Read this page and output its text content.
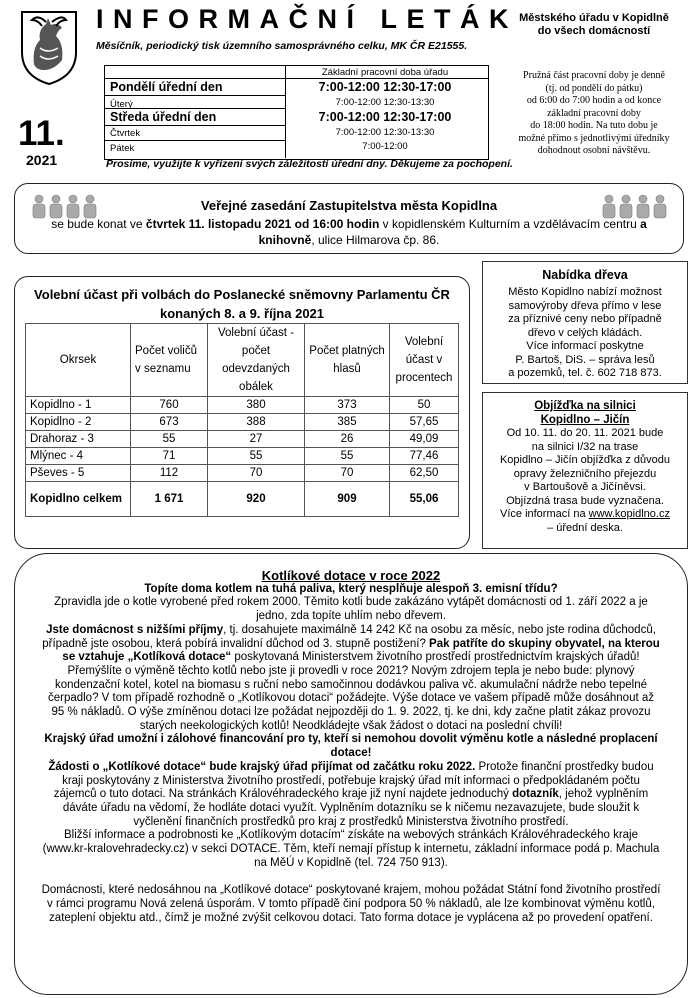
INFORMAČNÍ LETÁK
Měsíčník, periodický tisk územního samosprávného celku, MK ČR E21555.
Městského úřadu v Kopidlně
do všech domácností
11.
2021
Základní pracovní doba úřadu
Pondělí úřední den	7:00-12:00 12:30-17:00
Úterý	7:00-12:00 12:30-13:30
Středa úřední den	7:00-12:00 12:30-17:00
Čtvrtek	7:00-12:00 12:30-13:30
Pátek	7:00-12:00
Pružná část pracovní doby je denně
(tj. od pondělí do pátku)
od 6:00 do 7:00 hodin a od konce
základní pracovní doby
do 18:00 hodin. Na tuto dobu je
možné přímo s jednotlivými úředníky
dohodnout osobní návštěvu.
Prosíme, využijte k vyřízení svých záležitostí úřední dny. Děkujeme za pochopení.
Veřejné zasedání Zastupitelstva města Kopidlna
se bude konat ve čtvrtek 11. listopadu 2021 od 16:00 hodin v kopidlenském Kulturním a vzdělávacím centru a knihovně, ulice Hilmarova čp. 86.
Volební účast při volbách do Poslanecké sněmovny Parlamentu ČR
konaných 8. a 9. října 2021
Okrsek	Počet voličů v seznamu	Volební účast - počet odevzdaných obálek	Počet platných hlasů	Volební účast v procentech
Kopidlno - 1	760	380	373	50
Kopidlno - 2	673	388	385	57,65
Drahoraz - 3	55	27	26	49,09
Mlýnec - 4	71	55	55	77,46
Pševes - 5	112	70	70	62,50
Kopidlno celkem	1 671	920	909	55,06
Nabídka dřeva
Město Kopidlno nabízí možnost
samovýroby dřeva přímo v lese
za příznivé ceny nebo případně
dřevo v celých kládách.
Více informací poskytne
P. Bartoš, DiS. – správa lesů
a pozemků, tel. č. 602 718 873.
Objížďka na silnici
Kopidlno – Jičín
Od 10. 11. do 20. 11. 2021 bude
na silnici I/32 na trase
Kopidlno – Jičín objížďka z důvodu
opravy železničního přejezdu
v Bartoušově a Jičíněvsi.
Objízdná trasa bude vyznačena.
Více informací na www.kopidlno.cz
– úřední deska.

Kotlíkové dotace v roce 2022

Topíte doma kotlem na tuhá paliva, který nesplňuje alespoň 3. emisní třídu?

Zpravidla jde o kotle vyrobené před rokem 2000. Těmito kotli bude zakázáno vytápět domácnosti od 1. září 2022 a je jedno, zda topíte uhlím nebo dřevem.

Jste domácnost s nižšími příjmy, tj. dosahujete maximálně 14 242 Kč na osobu za měsíc, nebo jste rodina důchodců, případně jste osobou, která pobírá invalidní důchod od 3. stupně postižení? Pak patříte do skupiny obyvatel, na kterou se vztahuje „Kotlíková dotace“ poskytovaná Ministerstvem životního prostředí prostřednictvím krajských úřadů!

Přemýšlíte o výměně těchto kotlů nebo jste ji provedli v roce 2021? Novým zdrojem tepla je nebo bude: plynový kondenzační kotel, kotel na biomasu s ruční nebo samočinnou dodávkou paliva vč. akumulační nádrže nebo tepelné čerpadlo? V tom případě rozhodně o „Kotlíkovou dotaci“ požádejte. Výše dotace ve vašem případě může dosáhnout až 95 % nákladů. O výše zmíněnou dotaci lze požádat nejpozději do 1. 9. 2022, tj. ke dni, kdy začne platit zákaz provozu starých neekologických kotlů! Neodkládejte však žádost o dotaci na poslední chvíli!

Krajský úřad umožní i zálohové financování pro ty, kteří si nemohou dovolit výměnu kotle a následné proplacení dotace!

Žádosti o „Kotlíkové dotace“ bude krajský úřad přijímat od začátku roku 2022. Protože finanční prostředky budou kraji poskytovány z Ministerstva životního prostředí, potřebuje krajský úřad mít informaci o předpokládaném počtu zájemců o tuto dotaci. Na stránkách Královéhradeckého kraje již nyní najdete jednoduchý dotazník, jehož vyplněním dáváte úřadu na vědomí, že hodláte dotaci využít. Vyplněním dotazníku se k ničemu nezavazujete, bude sloužit k vyčlenění finančních prostředků pro kraj z prostředků Ministerstva životního prostředí.

Bližší informace a podrobnosti ke „Kotlíkovým dotacím“ získáte na webových stránkách Královéhradeckého kraje (www.kr-kralovehradecky.cz) v sekci DOTACE. Těm, kteří nemají přístup k internetu, základní informace podá p. Machula na MěÚ v Kopidlně (tel. 724 750 913).

Domácnosti, které nedosáhnou na „Kotlíkové dotace“ poskytované krajem, mohou požádat Státní fond životního prostředí v rámci programu Nová zelená úsporám. V tomto případě činí podpora 50 % nákladů, ale lze kombinovat výměnu kotlů, zateplení objektu atd., čímž je možné zvýšit celkovou dotaci. Tato forma dotace je vyplácena až po provedení opatření.
